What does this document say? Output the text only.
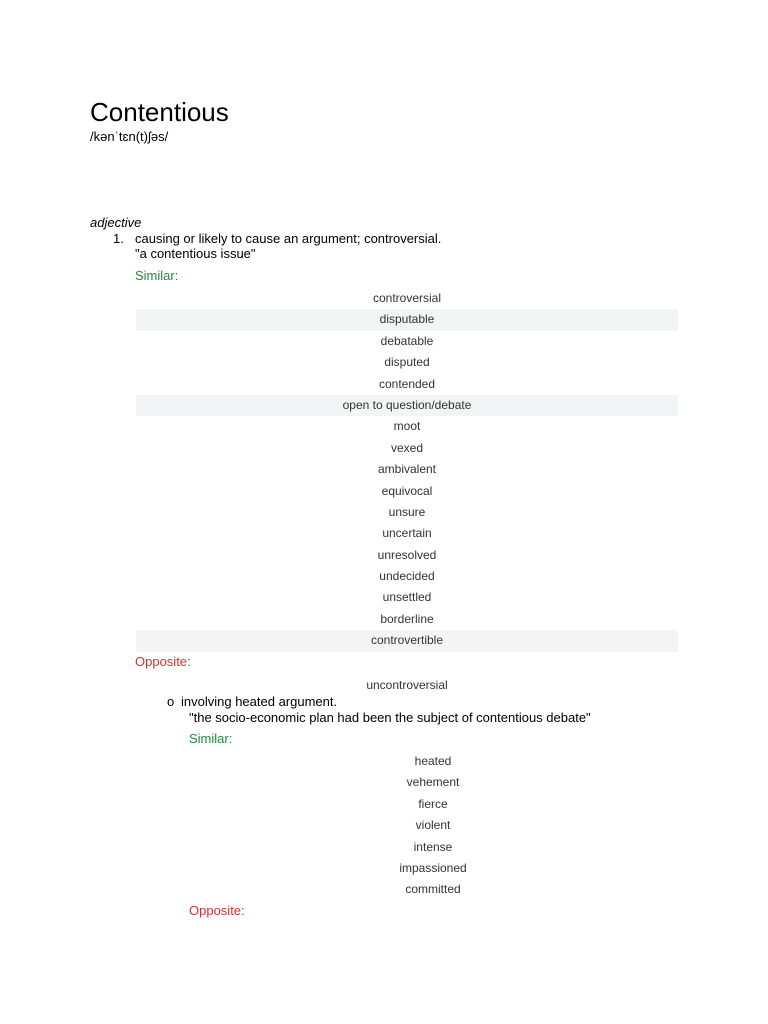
Contentious
/kənˈtɛn(t)ʃəs/
adjective
1. causing or likely to cause an argument; controversial.
"a contentious issue"
Similar:
controversial
disputable
debatable
disputed
contended
open to question/debate
moot
vexed
ambivalent
equivocal
unsure
uncertain
unresolved
undecided
unsettled
borderline
controvertible
Opposite:
uncontroversial
o involving heated argument.
"the socio-economic plan had been the subject of contentious debate"
Similar:
heated
vehement
fierce
violent
intense
impassioned
committed
Opposite:
